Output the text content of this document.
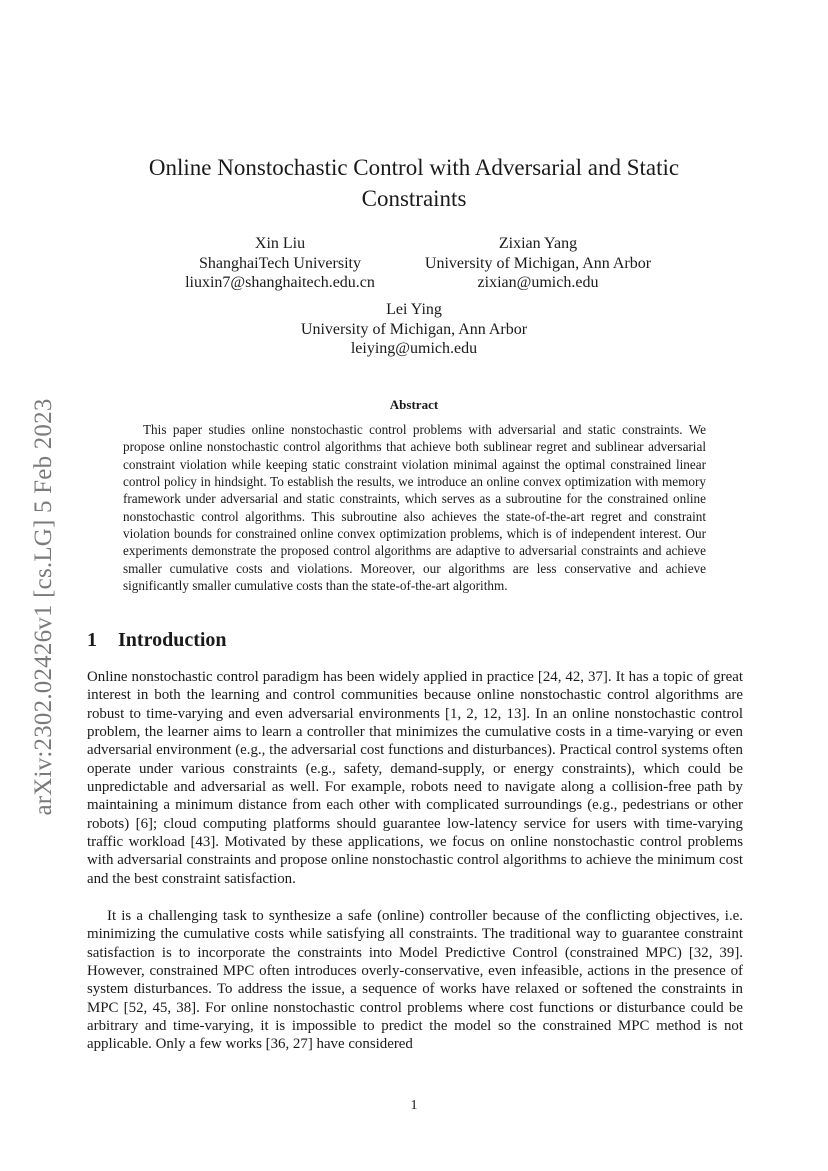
arXiv:2302.02426v1 [cs.LG] 5 Feb 2023
Online Nonstochastic Control with Adversarial and Static Constraints
Xin Liu
ShanghaiTech University
liuxin7@shanghaitech.edu.cn
Zixian Yang
University of Michigan, Ann Arbor
zixian@umich.edu
Lei Ying
University of Michigan, Ann Arbor
leiying@umich.edu
Abstract

This paper studies online nonstochastic control problems with adversarial and static constraints. We propose online nonstochastic control algorithms that achieve both sublinear regret and sublinear adversarial constraint violation while keeping static constraint violation minimal against the optimal constrained linear control policy in hindsight. To establish the results, we introduce an online convex optimization with memory framework under adversarial and static constraints, which serves as a subroutine for the constrained online nonstochastic control algorithms. This subroutine also achieves the state-of-the-art regret and constraint violation bounds for constrained online convex optimization problems, which is of independent interest. Our experiments demonstrate the proposed control algorithms are adaptive to adversarial constraints and achieve smaller cumulative costs and violations. Moreover, our algorithms are less conservative and achieve significantly smaller cumulative costs than the state-of-the-art algorithm.

1 Introduction

Online nonstochastic control paradigm has been widely applied in practice [24, 42, 37]. It has a topic of great interest in both the learning and control communities because online nonstochastic control algorithms are robust to time-varying and even adversarial environments [1, 2, 12, 13]. In an online nonstochastic control problem, the learner aims to learn a controller that minimizes the cumulative costs in a time-varying or even adversarial environment (e.g., the adversarial cost functions and disturbances). Practical control systems often operate under various constraints (e.g., safety, demand-supply, or energy constraints), which could be unpredictable and adversarial as well. For example, robots need to navigate along a collision-free path by maintaining a minimum distance from each other with complicated surroundings (e.g., pedestrians or other robots) [6]; cloud computing platforms should guarantee low-latency service for users with time-varying traffic workload [43]. Motivated by these applications, we focus on online nonstochastic control problems with adversarial constraints and propose online nonstochastic control algorithms to achieve the minimum cost and the best constraint satisfaction.

It is a challenging task to synthesize a safe (online) controller because of the conflicting objectives, i.e. minimizing the cumulative costs while satisfying all constraints. The traditional way to guarantee constraint satisfaction is to incorporate the constraints into Model Predictive Control (constrained MPC) [32, 39]. However, constrained MPC often introduces overly-conservative, even infeasible, actions in the presence of system disturbances. To address the issue, a sequence of works have relaxed or softened the constraints in MPC [52, 45, 38]. For online nonstochastic control problems where cost functions or disturbance could be arbitrary and time-varying, it is impossible to predict the model so the constrained MPC method is not applicable. Only a few works [36, 27] have considered

1
